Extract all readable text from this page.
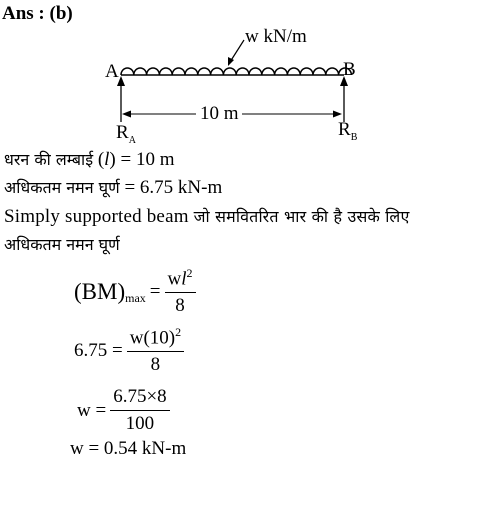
Ans : (b)
w kN/m
A	B
10 m
$R_A$
$R_B$
धरन की लम्बाई (l) = 10 m
अधिकतम नमन घूर्ण = 6.75 kN-m
Simply supported beam जो समवितरित भार की है उसके लिए
अधिकतम नमन घूर्ण
(BM) $\max = \frac{wl^2}{8}$
$6.75 = \frac{w(10)^2}{8}$
$w = \frac{6.75\times 8}{100}$
w = 0.54 kN-m
